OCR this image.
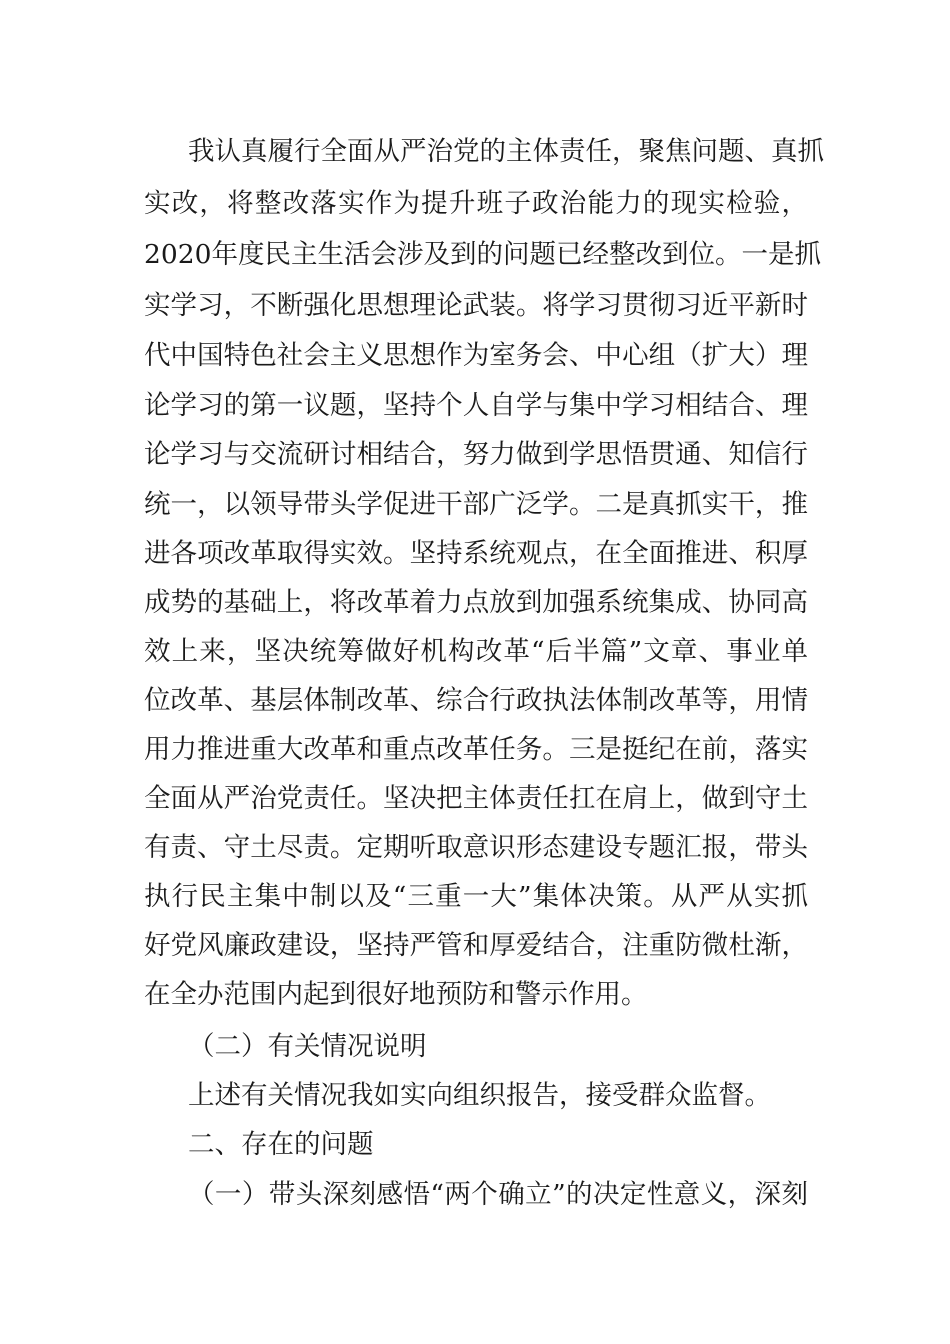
我认真履行全面从严治党的主体责任，聚焦问题、真抓
实改，将整改落实作为提升班子政治能力的现实检验，
2020年度民主生活会涉及到的问题已经整改到位。一是抓
实学习，不断强化思想理论武装。将学习贯彻习近平新时
代中国特色社会主义思想作为室务会、中心组（扩大）理
论学习的第一议题，坚持个人自学与集中学习相结合、理
论学习与交流研讨相结合，努力做到学思悟贯通、知信行
统一，以领导带头学促进干部广泛学。二是真抓实干，推
进各项改革取得实效。坚持系统观点，在全面推进、积厚
成势的基础上，将改革着力点放到加强系统集成、协同高
效上来，坚决统筹做好机构改革“后半篇”文章、事业单
位改革、基层体制改革、综合行政执法体制改革等，用情
用力推进重大改革和重点改革任务。三是挺纪在前，落实
全面从严治党责任。坚决把主体责任扛在肩上，做到守土
有责、守土尽责。定期听取意识形态建设专题汇报，带头
执行民主集中制以及“三重一大”集体决策。从严从实抓
好党风廉政建设，坚持严管和厚爱结合，注重防微杜渐，
在全办范围内起到很好地预防和警示作用。
（二）有关情况说明
上述有关情况我如实向组织报告，接受群众监督。
二、存在的问题
（一）带头深刻感悟“两个确立”的决定性意义，深刻
